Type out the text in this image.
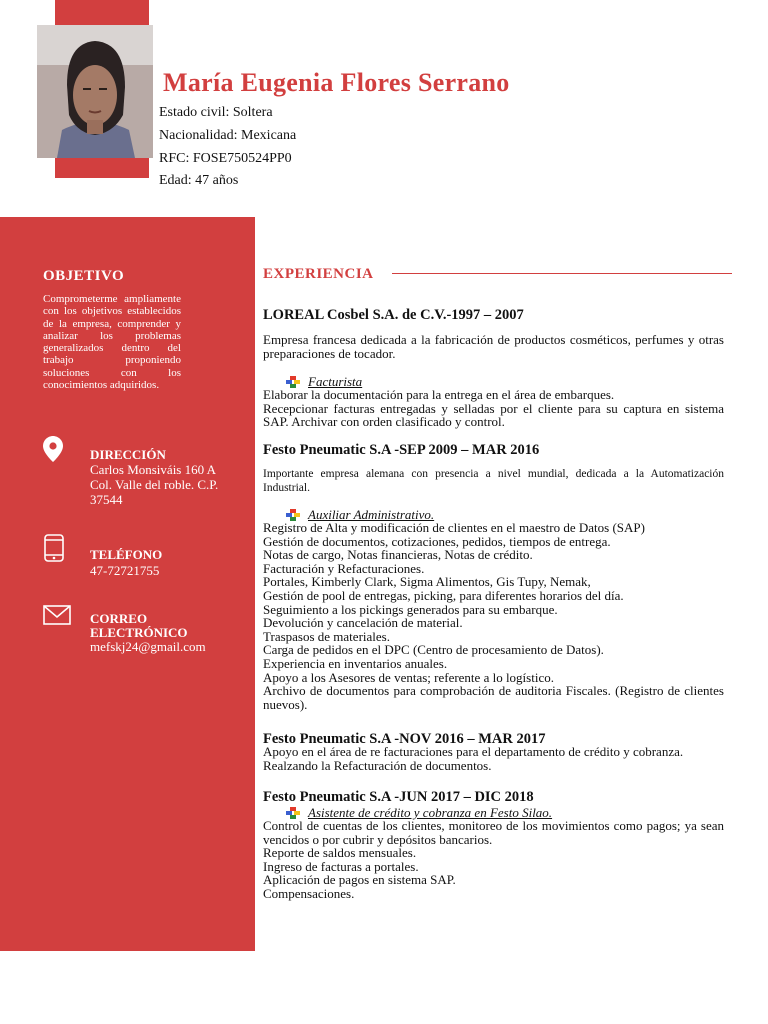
María Eugenia Flores Serrano
Estado civil: Soltera
Nacionalidad: Mexicana
RFC: FOSE750524PP0
Edad: 47 años
OBJETIVO
Comprometerme ampliamente con los objetivos establecidos de la empresa, comprender y analizar los problemas generalizados dentro del trabajo proponiendo soluciones con los conocimientos adquiridos.
DIRECCIÓN
Carlos Monsiváis 160 A Col. Valle del roble. C.P. 37544
TELÉFONO
47-72721755
CORREO
ELECTRÓNICO
mefskj24@gmail.com
EXPERIENCIA
LOREAL Cosbel S.A. de C.V.-1997 – 2007
Empresa francesa dedicada a la fabricación de productos cosméticos, perfumes y otras preparaciones de tocador.
Facturista
Elaborar la documentación para la entrega en el área de embarques.
Recepcionar facturas entregadas y selladas por el cliente para su captura en sistema SAP. Archivar con orden clasificado y control.
Festo Pneumatic S.A -SEP 2009 – MAR 2016
Importante empresa alemana con presencia a nivel mundial, dedicada a la Automatización Industrial.
Auxiliar Administrativo.
Registro de Alta y modificación de clientes en el maestro de Datos (SAP)
Gestión de documentos, cotizaciones, pedidos, tiempos de entrega.
Notas de cargo, Notas financieras, Notas de crédito.
Facturación y Refacturaciones.
Portales, Kimberly Clark, Sigma Alimentos, Gis Tupy, Nemak,
Gestión de pool de entregas, picking, para diferentes horarios del día.
Seguimiento a los pickings generados para su embarque.
Devolución y cancelación de material.
Traspasos de materiales.
Carga de pedidos en el DPC (Centro de procesamiento de Datos).
Experiencia en inventarios anuales.
Apoyo a los Asesores de ventas; referente a lo logístico.
Archivo de documentos para comprobación de auditoria Fiscales. (Registro de clientes nuevos).
Festo Pneumatic S.A -NOV 2016 – MAR 2017
Apoyo en el área de re facturaciones para el departamento de crédito y cobranza.
Realzando la Refacturación de documentos.
Festo Pneumatic S.A -JUN 2017 – DIC 2018
Asistente de crédito y cobranza en Festo Silao.
Control de cuentas de los clientes, monitoreo de los movimientos como pagos; ya sean vencidos o por cubrir y depósitos bancarios.
Reporte de saldos mensuales.
Ingreso de facturas a portales.
Aplicación de pagos en sistema SAP.
Compensaciones.
